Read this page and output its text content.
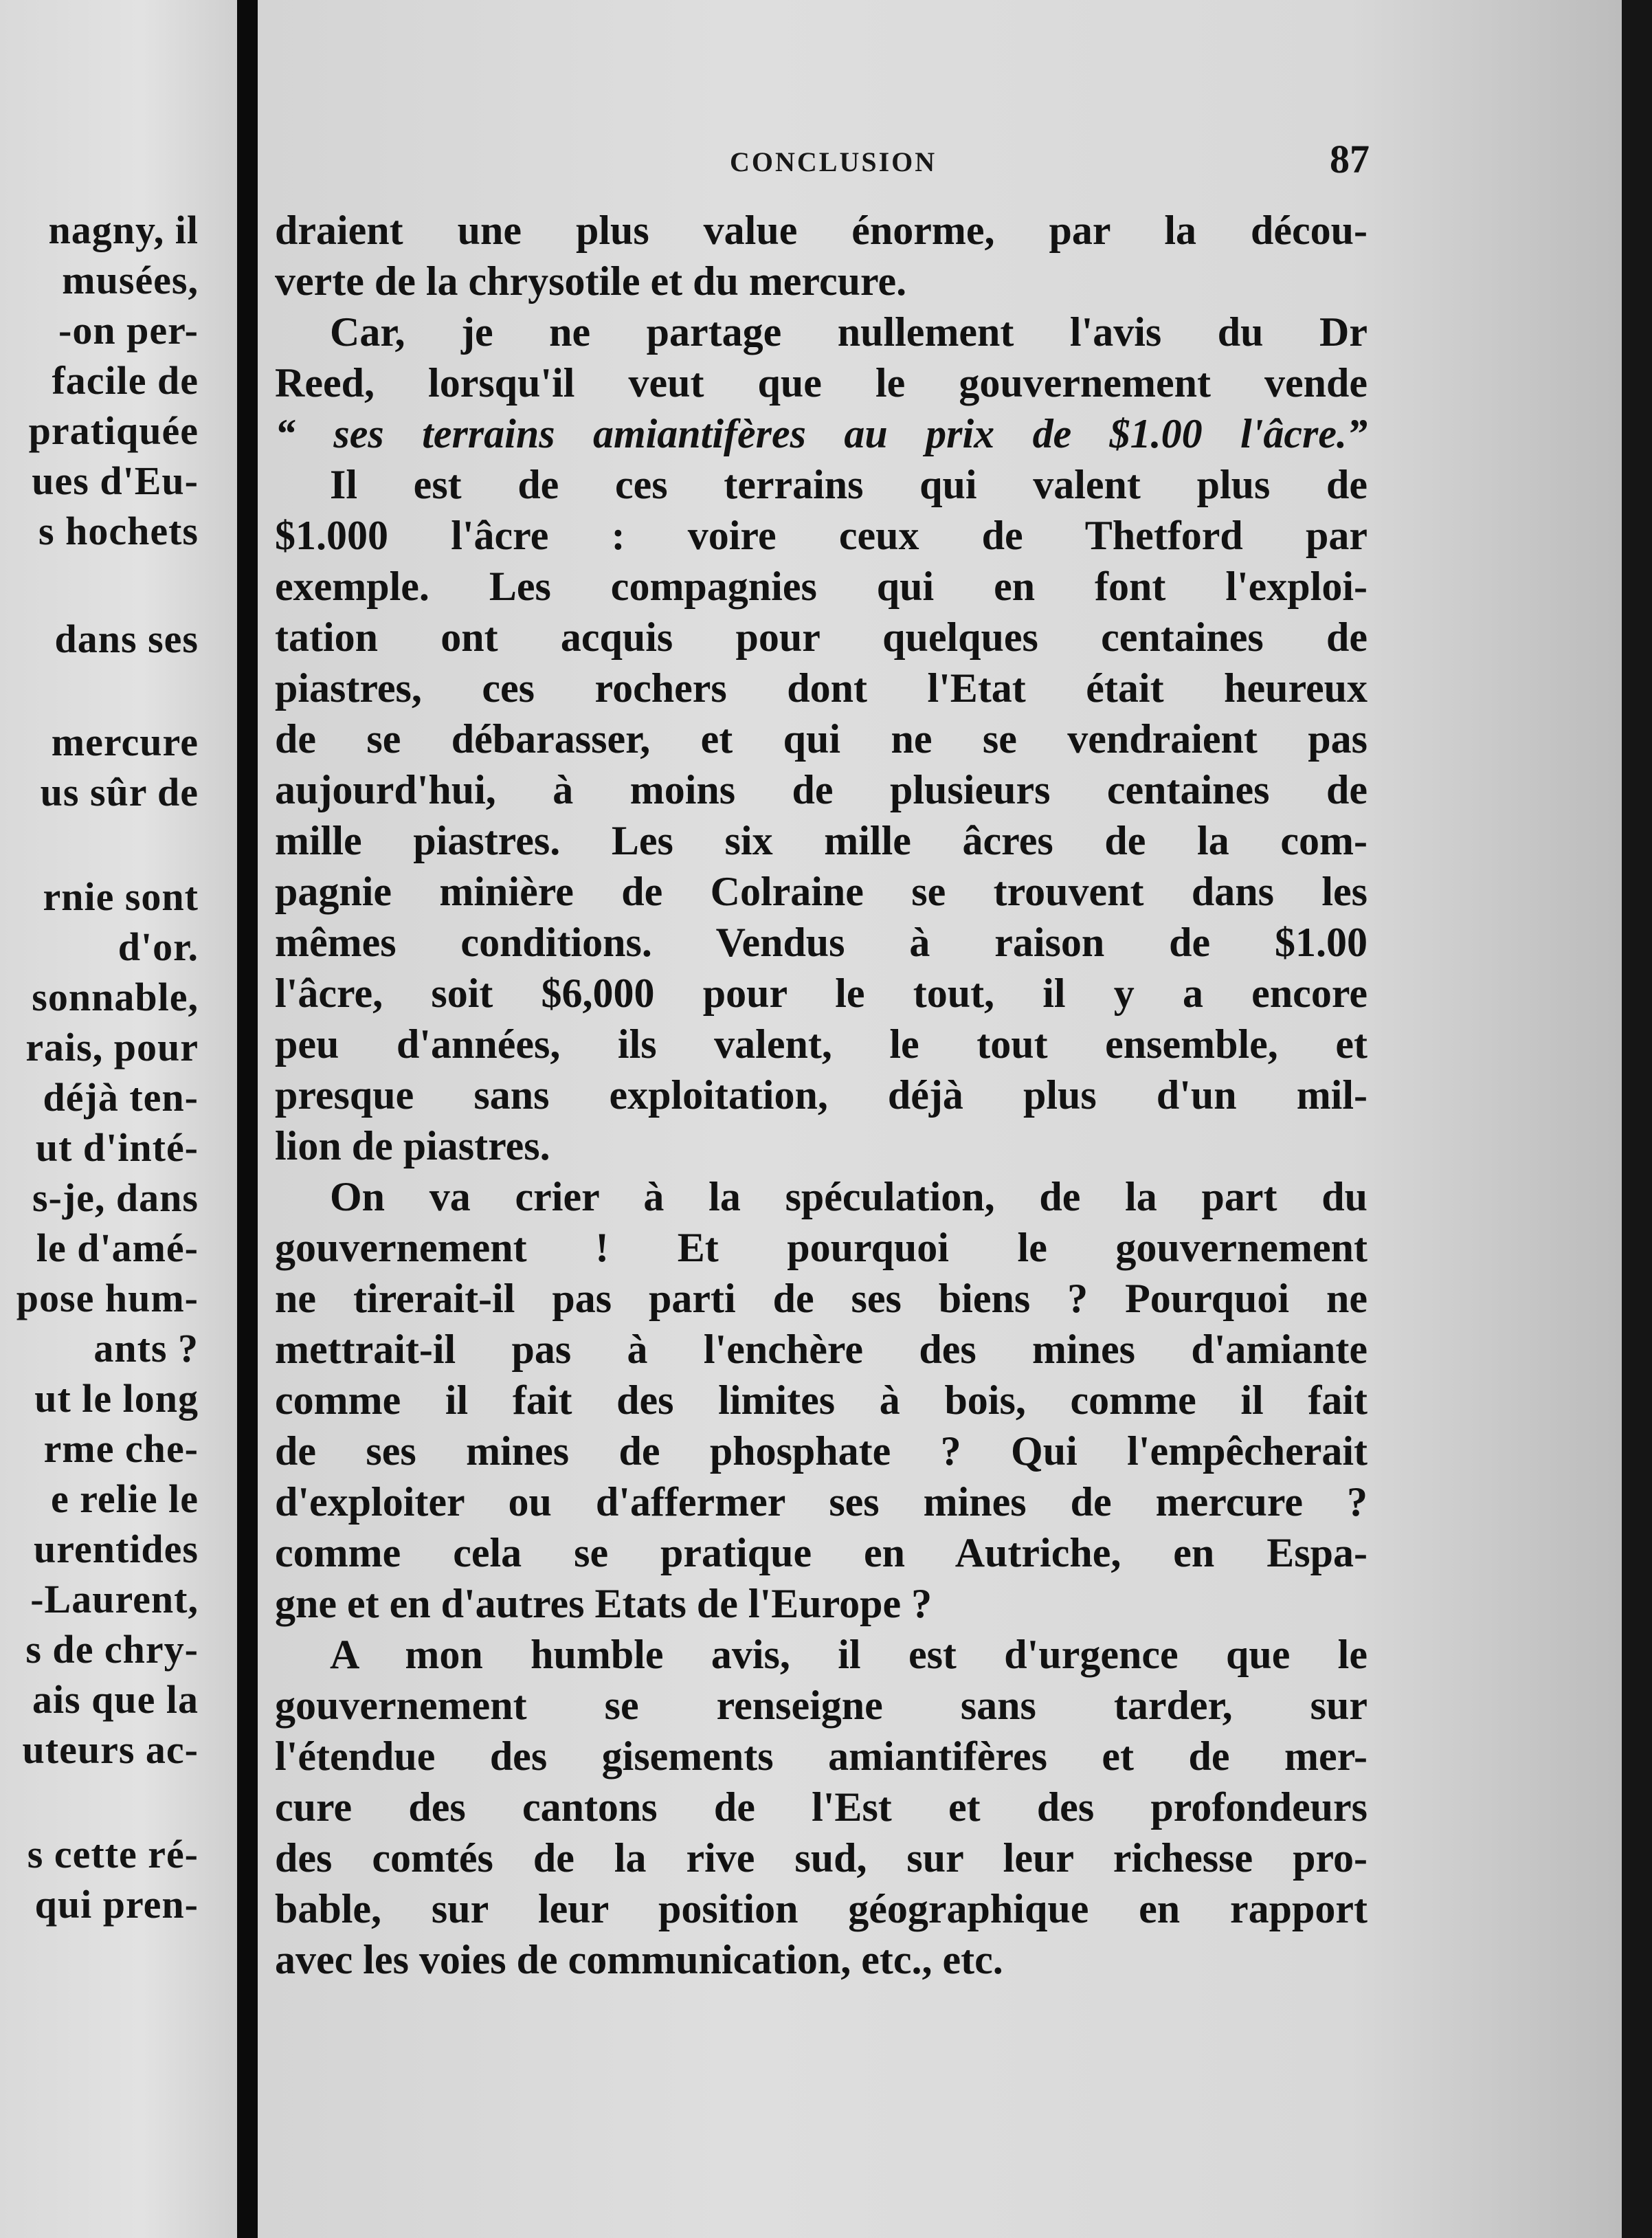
nagny, il
musées,
-on per-
facile de
pratiquée
ues d'Eu-
s hochets
dans ses
mercure
us sûr de
rnie sont
d'or.
sonnable,
rais, pour
déjà ten-
ut d'inté-
s-je, dans
le d'amé-
pose hum-
ants ?
ut le long
rme che-
e relie le
urentides
-Laurent,
s de chry-
ais que la
uteurs ac-
s cette ré-
qui pren-
CONCLUSION	87
draient une plus value énorme, par la décou-
verte de la chrysotile et du mercure.
Car, je ne partage nullement l'avis du Dr
Reed, lorsqu'il veut que le gouvernement vende
“ ses terrains amiantifères au prix de $1.00 l'âcre.”
Il est de ces terrains qui valent plus de
$1.000 l'âcre : voire ceux de Thetford par
exemple. Les compagnies qui en font l'exploi-
tation ont acquis pour quelques centaines de
piastres, ces rochers dont l'Etat était heureux
de se débarasser, et qui ne se vendraient pas
aujourd'hui, à moins de plusieurs centaines de
mille piastres. Les six mille âcres de la com-
pagnie minière de Colraine se trouvent dans les
mêmes conditions. Vendus à raison de $1.00
l'âcre, soit $6,000 pour le tout, il y a encore
peu d'années, ils valent, le tout ensemble, et
presque sans exploitation, déjà plus d'un mil-
lion de piastres.
On va crier à la spéculation, de la part du
gouvernement ! Et pourquoi le gouvernement
ne tirerait-il pas parti de ses biens ? Pourquoi ne
mettrait-il pas à l'enchère des mines d'amiante
comme il fait des limites à bois, comme il fait
de ses mines de phosphate ? Qui l'empêcherait
d'exploiter ou d'affermer ses mines de mercure ?
comme cela se pratique en Autriche, en Espa-
gne et en d'autres Etats de l'Europe ?
A mon humble avis, il est d'urgence que le
gouvernement se renseigne sans tarder, sur
l'étendue des gisements amiantifères et de mer-
cure des cantons de l'Est et des profondeurs
des comtés de la rive sud, sur leur richesse pro-
bable, sur leur position géographique en rapport
avec les voies de communication, etc., etc.
